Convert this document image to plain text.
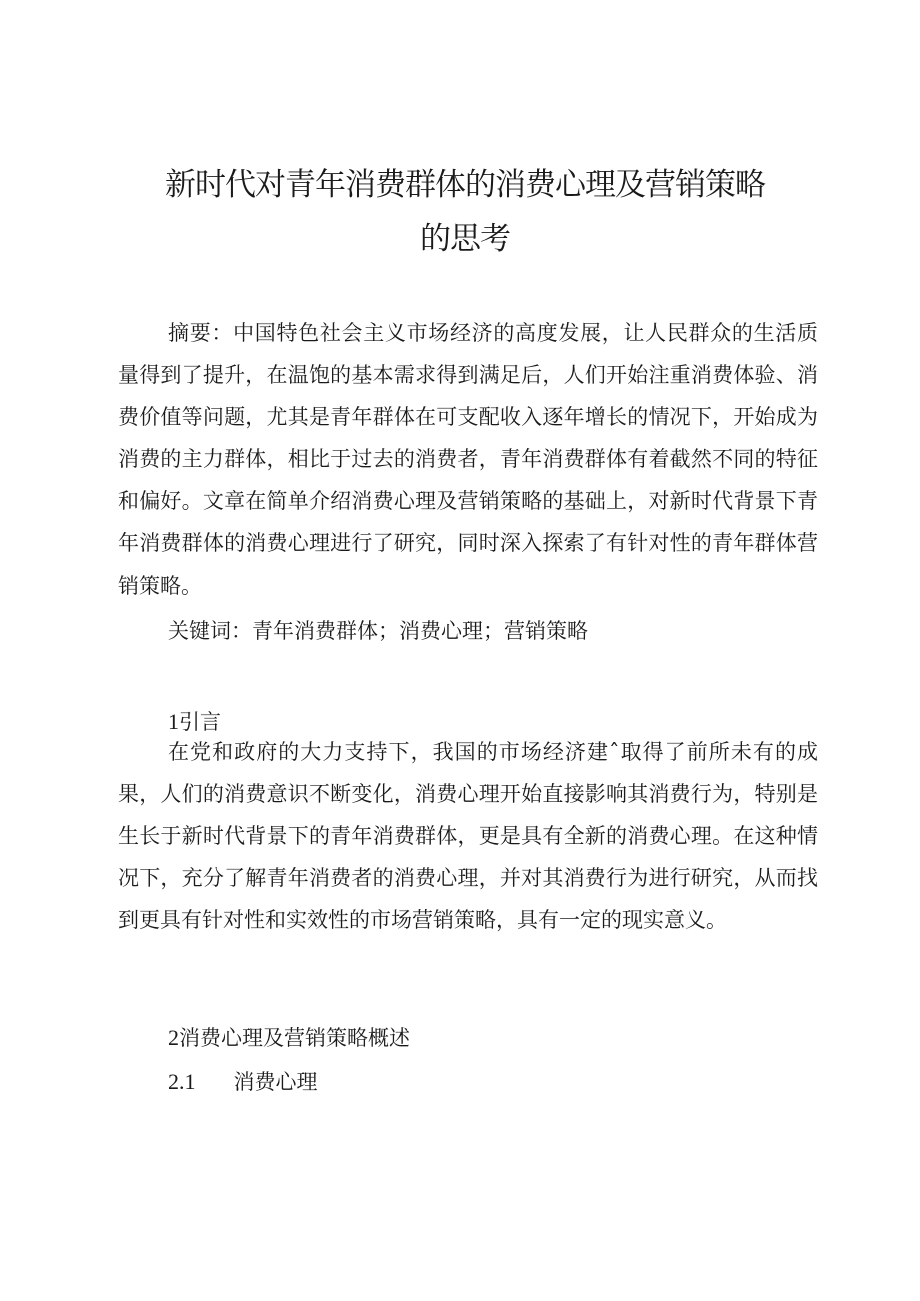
新时代对青年消费群体的消费心理及营销策略
的思考

摘要：中国特色社会主义市场经济的高度发展，让人民群众的生活质量得到了提升，在温饱的基本需求得到满足后，人们开始注重消费体验、消费价值等问题，尤其是青年群体在可支配收入逐年增长的情况下，开始成为消费的主力群体，相比于过去的消费者，青年消费群体有着截然不同的特征和偏好。文章在简单介绍消费心理及营销策略的基础上，对新时代背景下青年消费群体的消费心理进行了研究，同时深入探索了有针对性的青年群体营销策略。

关键词：青年消费群体；消费心理；营销策略
1引言

在党和政府的大力支持下，我国的市场经济建ˆ取得了前所未有的成果，人们的消费意识不断变化，消费心理开始直接影响其消费行为，特别是生长于新时代背景下的青年消费群体，更是具有全新的消费心理。在这种情况下，充分了解青年消费者的消费心理，并对其消费行为进行研究，从而找到更具有针对性和实效性的市场营销策略，具有一定的现实意义。

2消费心理及营销策略概述
2.1 消费心理
